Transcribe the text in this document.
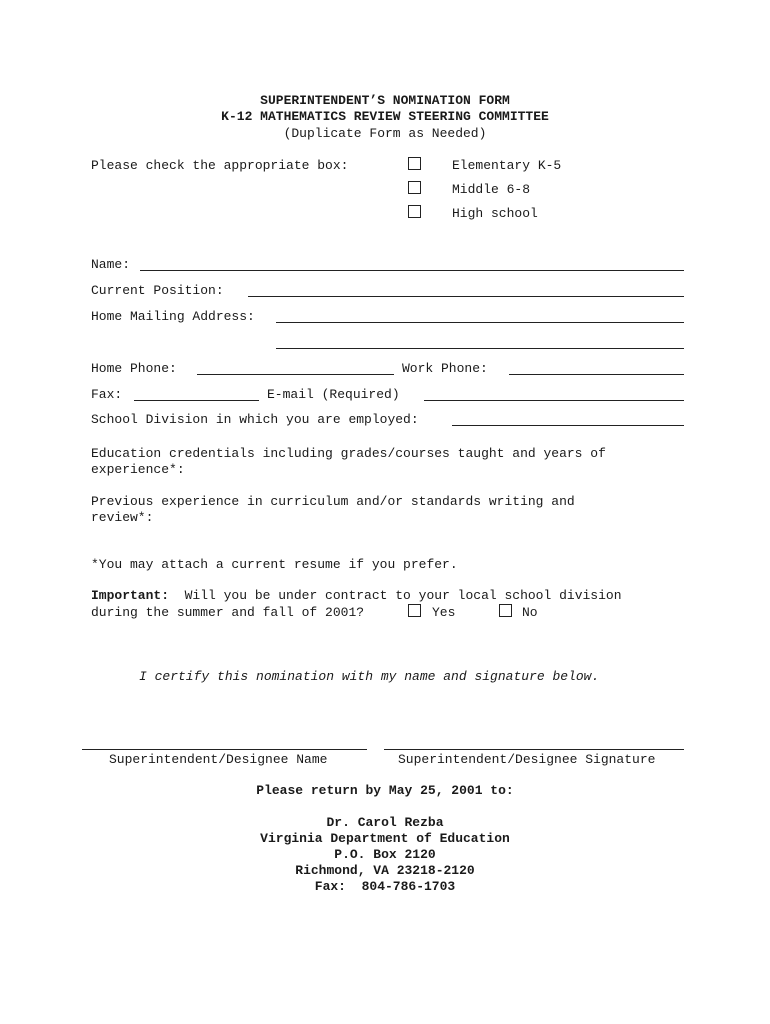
SUPERINTENDENT’S NOMINATION FORM
K-12 MATHEMATICS REVIEW STEERING COMMITTEE
(Duplicate Form as Needed)
Please check the appropriate box:	Elementary K-5
Middle 6-8
High school
Name:
Current Position:
Home Mailing Address:
Home Phone:	Work Phone:
Fax:	E-mail (Required)
School Division in which you are employed:
Education credentials including grades/courses taught and years of
experience*:
Previous experience in curriculum and/or standards writing and
review*:
*You may attach a current resume if you prefer.
Important: Will you be under contract to your local school division
during the summer and fall of 2001?	Yes	No
I certify this nomination with my name and signature below.
Superintendent/Designee Name	Superintendent/Designee Signature
Please return by May 25, 2001 to:
Dr. Carol Rezba
Virginia Department of Education
P.O. Box 2120
Richmond, VA 23218-2120
Fax:  804-786-1703
